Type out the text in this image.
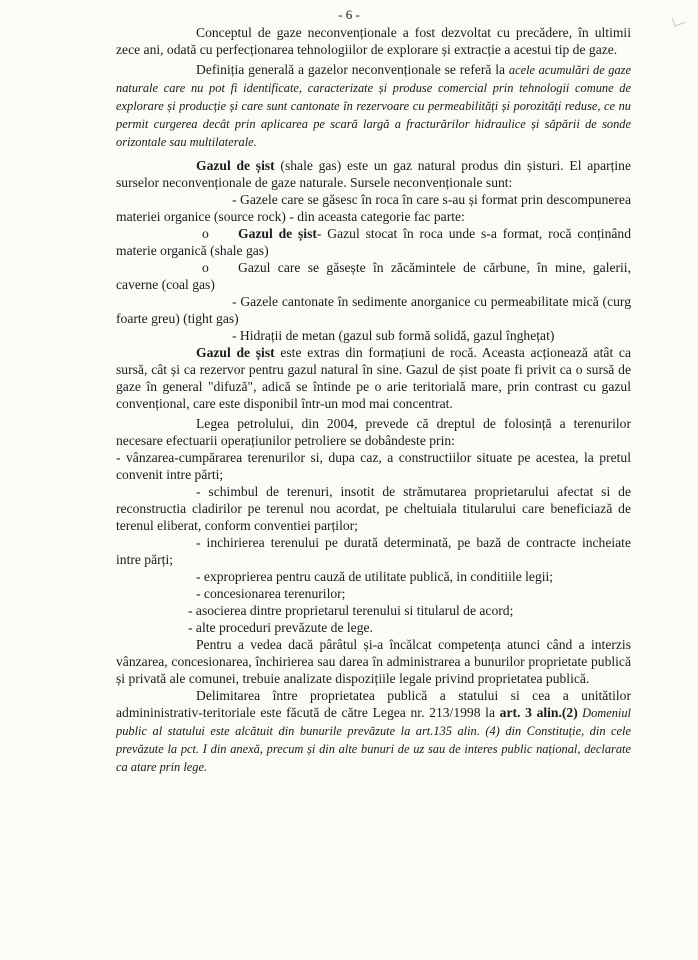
- 6 -

Conceptul de gaze neconvenționale a fost dezvoltat cu precădere, în ultimii zece ani, odată cu perfecționarea tehnologiilor de explorare și extracție a acestui tip de gaze.

Definiția generală a gazelor neconvenționale se referă la acele acumulări de gaze naturale care nu pot fi identificate, caracterizate și produse comercial prin tehnologii comune de explorare și producție și care sunt cantonate în rezervoare cu permeabilități și porozități reduse, ce nu permit curgerea decât prin aplicarea pe scară largă a fracturărilor hidraulice și săpării de sonde orizontale sau multilaterale.

Gazul de șist (shale gas) este un gaz natural produs din șisturi. El aparține surselor neconvenționale de gaze naturale. Sursele neconvenționale sunt:

- Gazele care se găsesc în roca în care s-au și format prin descompunerea materiei organice (source rock) - din aceasta categorie fac parte:

o Gazul de șist- Gazul stocat în roca unde s-a format, rocă conținând materie organică (shale gas)

o Gazul care se găsește în zăcămintele de cărbune, în mine, galerii, caverne (coal gas)

- Gazele cantonate în sedimente anorganice cu permeabilitate mică (curg foarte greu) (tight gas)

- Hidrații de metan (gazul sub formă solidă, gazul înghețat)

Gazul de șist este extras din formațiuni de rocă. Aceasta acționează atât ca sursă, cât și ca rezervor pentru gazul natural în sine. Gazul de șist poate fi privit ca o sursă de gaze în general "difuză", adică se întinde pe o arie teritorială mare, prin contrast cu gazul convențional, care este disponibil într-un mod mai concentrat.

Legea petrolului, din 2004, prevede că dreptul de folosință a terenurilor necesare efectuarii operațiunilor petroliere se dobândeste prin:

- vânzarea-cumpărarea terenurilor si, dupa caz, a constructiilor situate pe acestea, la pretul convenit intre părti;

- schimbul de terenuri, insotit de strămutarea proprietarului afectat si de reconstructia cladirilor pe terenul nou acordat, pe cheltuiala titularului care beneficiază de terenul eliberat, conform conventiei parților;

- inchirierea terenului pe durată determinată, pe bază de contracte incheiate intre părți;

- exproprierea pentru cauză de utilitate publică, in conditiile legii;

- concesionarea terenurilor;

- asocierea dintre proprietarul terenului si titularul de acord;

- alte proceduri prevăzute de lege.

Pentru a vedea dacă pârâtul și-a încălcat competența atunci când a interzis vânzarea, concesionarea, închirierea sau darea în administrarea a bunurilor proprietate publică și privată ale comunei, trebuie analizate dispozițiile legale privind proprietatea publică.

Delimitarea între proprietatea publică a statului si cea a unitătilor admininistrativ-teritoriale este făcută de către Legea nr. 213/1998 la art. 3 alin.(2) Domeniul public al statului este alcătuit din bunurile prevăzute la art.135 alin. (4) din Constituție, din cele prevăzute la pct. I din anexă, precum și din alte bunuri de uz sau de interes public național, declarate ca atare prin lege.
